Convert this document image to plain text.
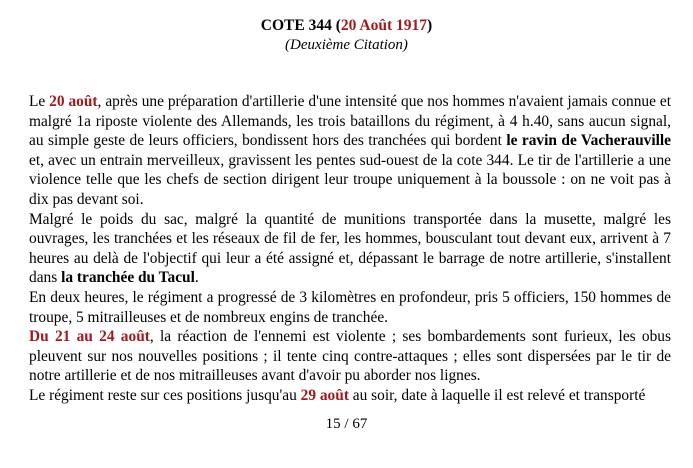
COTE 344 (20 Août 1917)
(Deuxième Citation)

Le 20 août, après une préparation d'artillerie d'une intensité que nos hommes n'avaient jamais connue et malgré 1a riposte violente des Allemands, les trois bataillons du régiment, à 4 h.40, sans aucun signal, au simple geste de leurs officiers, bondissent hors des tranchées qui bordent le ravin de Vacherauville et, avec un entrain merveilleux, gravissent les pentes sud-ouest de la cote 344. Le tir de l'artillerie a une violence telle que les chefs de section dirigent leur troupe uniquement à la boussole : on ne voit pas à dix pas devant soi.

Malgré le poids du sac, malgré la quantité de munitions transportée dans la musette, malgré les ouvrages, les tranchées et les réseaux de fil de fer, les hommes, bousculant tout devant eux, arrivent à 7 heures au delà de l'objectif qui leur a été assigné et, dépassant le barrage de notre artillerie, s'installent dans la tranchée du Tacul.

En deux heures, le régiment a progressé de 3 kilomètres en profondeur, pris 5 officiers, 150 hommes de troupe, 5 mitrailleuses et de nombreux engins de tranchée.

Du 21 au 24 août, la réaction de l'ennemi est violente ; ses bombardements sont furieux, les obus pleuvent sur nos nouvelles positions ; il tente cinq contre-attaques ; elles sont dispersées par le tir de notre artillerie et de nos mitrailleuses avant d'avoir pu aborder nos lignes.

Le régiment reste sur ces positions jusqu'au 29 août au soir, date à laquelle il est relevé et transporté

15 / 67
